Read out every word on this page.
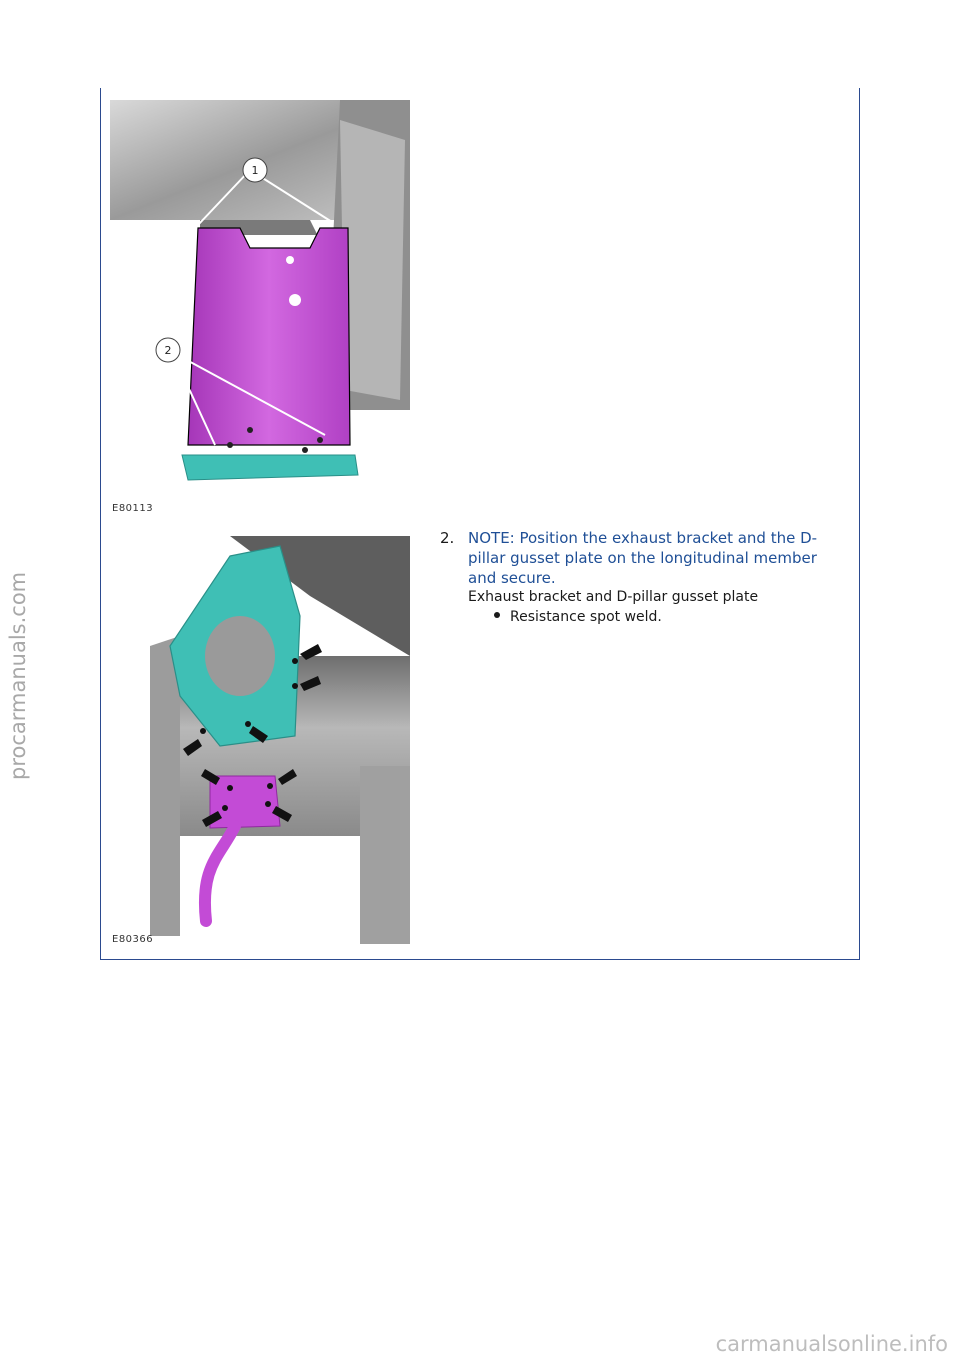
1
2
E80113
2. NOTE: Position the exhaust bracket and the D-pillar gusset plate on the longitudinal member and secure.
Exhaust bracket and D-pillar gusset plate
Resistance spot weld.
E80366
procarmanuals.com
carmanualsonline.info
